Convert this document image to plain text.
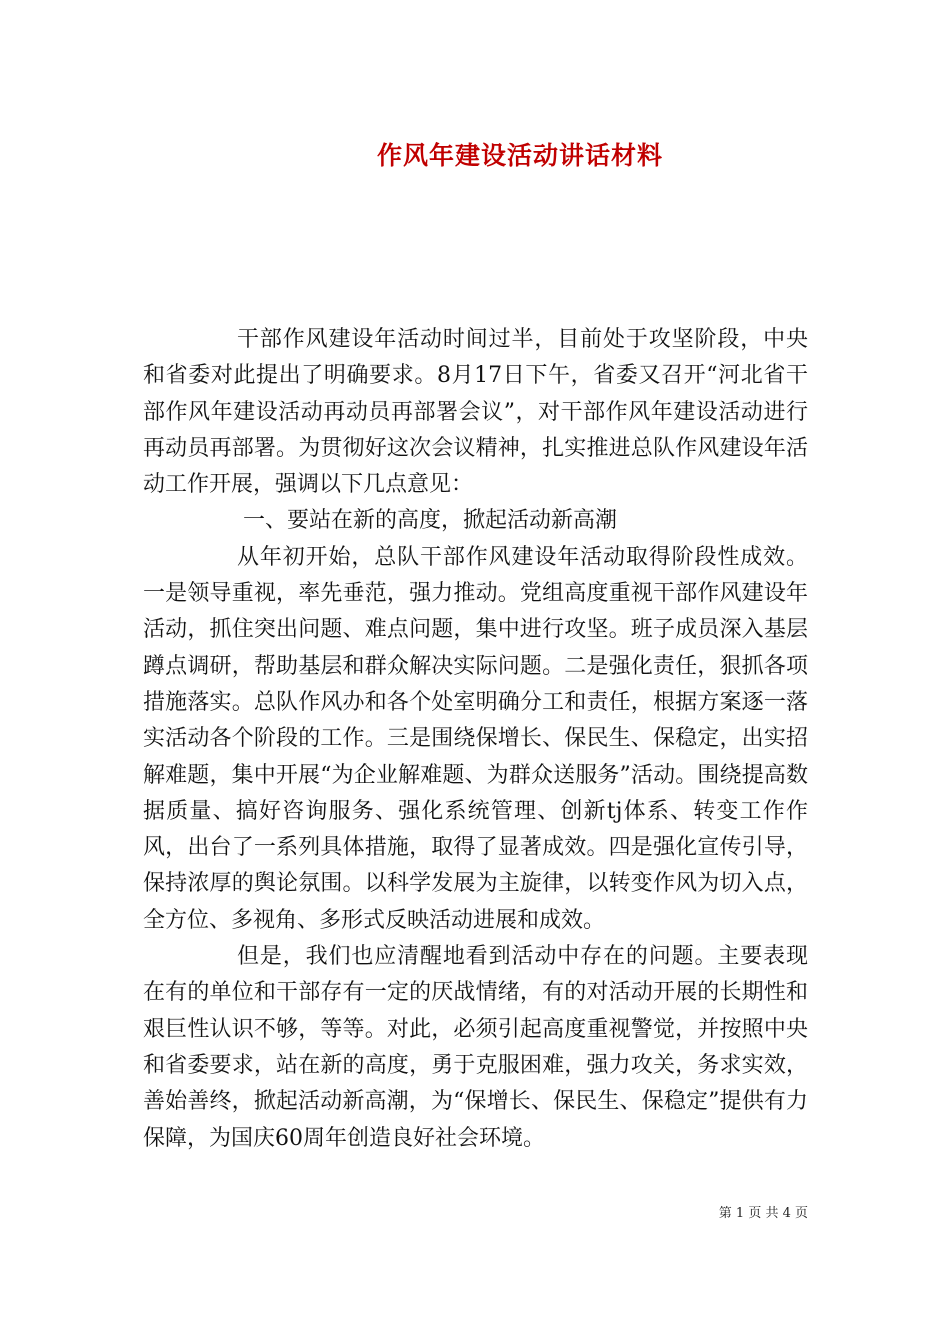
作风年建设活动讲话材料

干部作风建设年活动时间过半，目前处于攻坚阶段，中央和省委对此提出了明确要求。8月17日下午，省委又召开“河北省干部作风年建设活动再动员再部署会议”，对干部作风年建设活动进行再动员再部署。为贯彻好这次会议精神，扎实推进总队作风建设年活动工作开展，强调以下几点意见：

一、要站在新的高度，掀起活动新高潮

从年初开始，总队干部作风建设年活动取得阶段性成效。一是领导重视，率先垂范，强力推动。党组高度重视干部作风建设年活动，抓住突出问题、难点问题，集中进行攻坚。班子成员深入基层蹲点调研，帮助基层和群众解决实际问题。二是强化责任，狠抓各项措施落实。总队作风办和各个处室明确分工和责任，根据方案逐一落实活动各个阶段的工作。三是围绕保增长、保民生、保稳定，出实招解难题，集中开展“为企业解难题、为群众送服务”活动。围绕提高数据质量、搞好咨询服务、强化系统管理、创新tj体系、转变工作作风，出台了一系列具体措施，取得了显著成效。四是强化宣传引导，保持浓厚的舆论氛围。以科学发展为主旋律，以转变作风为切入点，全方位、多视角、多形式反映活动进展和成效。

但是，我们也应清醒地看到活动中存在的问题。主要表现在有的单位和干部存有一定的厌战情绪，有的对活动开展的长期性和艰巨性认识不够，等等。对此，必须引起高度重视警觉，并按照中央和省委要求，站在新的高度，勇于克服困难，强力攻关，务求实效，善始善终，掀起活动新高潮，为“保增长、保民生、保稳定”提供有力保障，为国庆60周年创造良好社会环境。

第 1 页 共 4 页
